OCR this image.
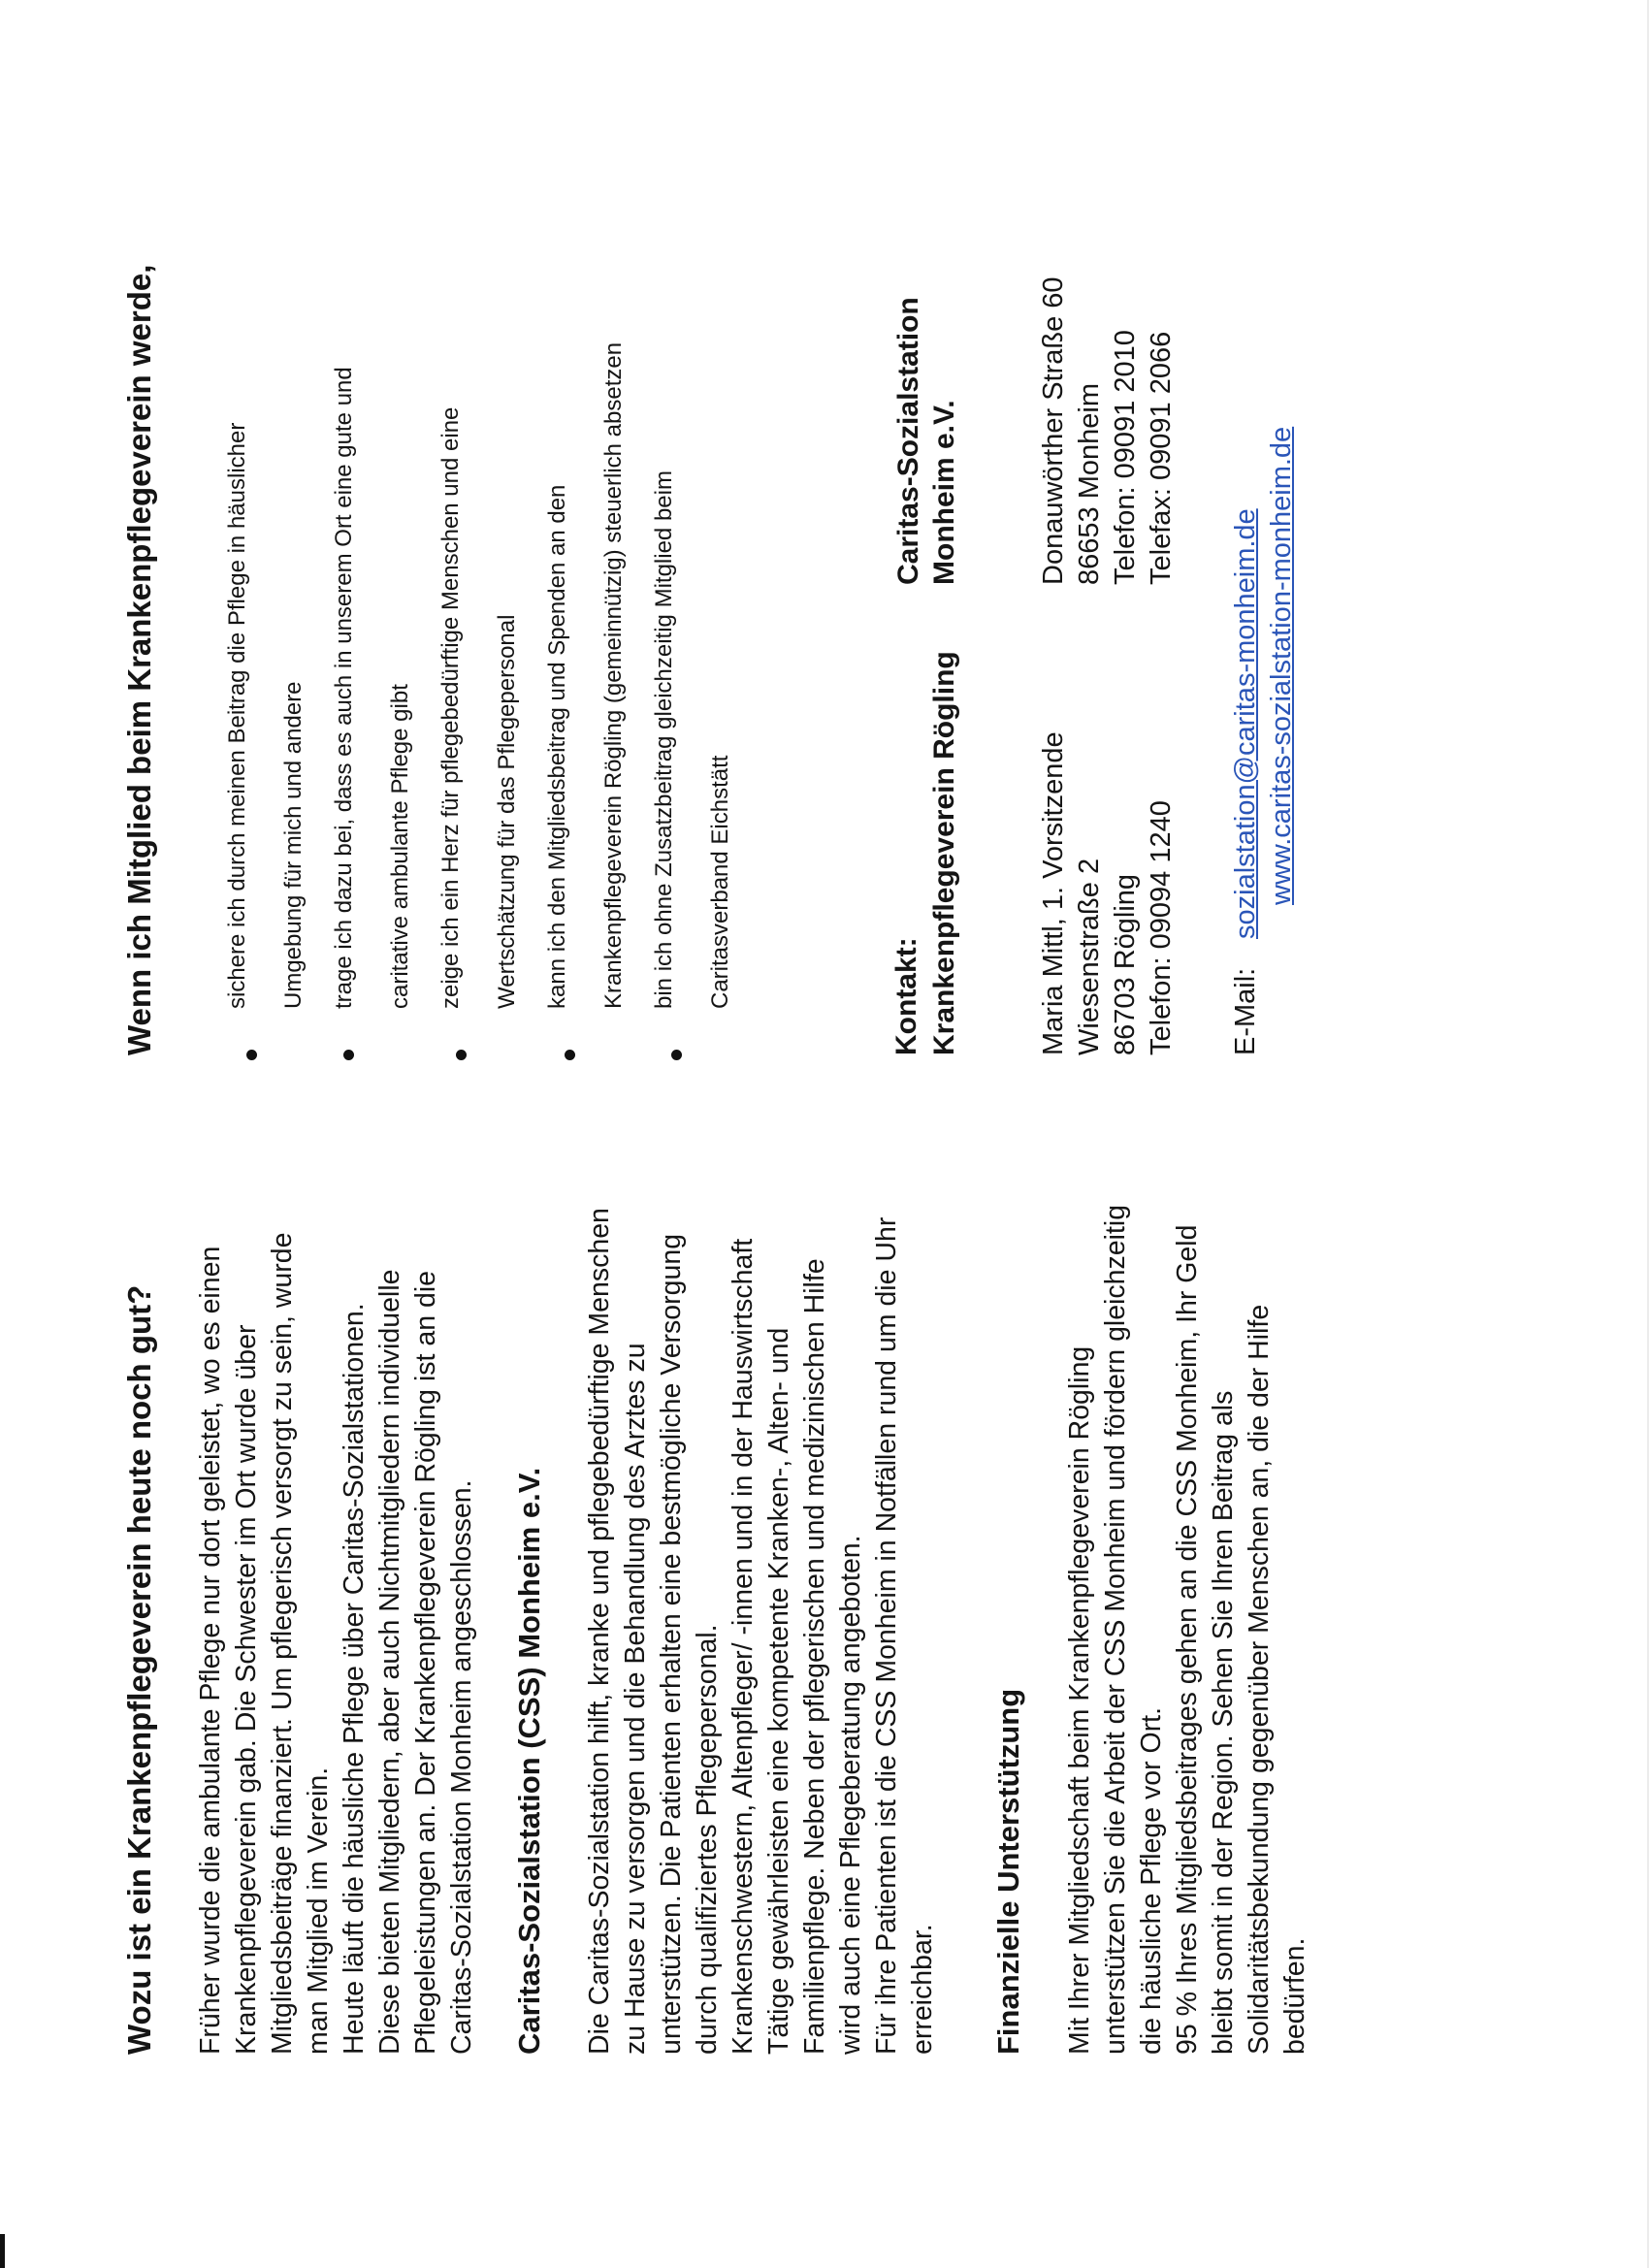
Wozu ist ein Krankenpflegeverein heute noch gut? Früher wurde die ambulante Pflege nur dort geleistet, wo es einen Krankenpflegeverein gab. Die Schwester im Ort wurde über Mitgliedsbeiträge finanziert. Um pflegerisch versorgt zu sein, wurde man Mitglied im Verein. Heute läuft die häusliche Pflege über Caritas-Sozialstationen. Diese bieten Mitgliedern, aber auch Nichtmitgliedern individuelle Pflegeleistungen an. Der Krankenpflegeverein Rögling ist an die Caritas-Sozialstation Monheim angeschlossen. Caritas-Sozialstation (CSS) Monheim e.V. Die Caritas-Sozialstation hilft, kranke und pflegebedürftige Menschen zu Hause zu versorgen und die Behandlung des Arztes zu unterstützen. Die Patienten erhalten eine bestmögliche Versorgung durch qualifiziertes Pflegepersonal. Krankenschwestern, Altenpfleger/ -innen und in der Hauswirtschaft Tätige gewährleisten eine kompetente Kranken-, Alten- und Familienpflege. Neben der pflegerischen und medizinischen Hilfe wird auch eine Pflegeberatung angeboten. Für ihre Patienten ist die CSS Monheim in Notfällen rund um die Uhr erreichbar. Finanzielle Unterstützung Mit Ihrer Mitgliedschaft beim Krankenpflegeverein Rögling unterstützen Sie die Arbeit der CSS Monheim und fördern gleichzeitig die häusliche Pflege vor Ort. 95 % Ihres Mitgliedsbeitrages gehen an die CSS Monheim, Ihr Geld bleibt somit in der Region. Sehen Sie Ihren Beitrag als Solidaritätsbekundung gegenüber Menschen an, die der Hilfe bedürfen.
Wenn ich Mitglied beim Krankenpflegeverein werde,	sichere ich durch meinen Beitrag die Pflege in häuslicher Umgebung für mich und andere trage ich dazu bei, dass es auch in unserem Ort eine gute und caritative ambulante Pflege gibt zeige ich ein Herz für pflegebedürftige Menschen und eine Wertschätzung für das Pflegepersonal kann ich den Mitgliedsbeitrag und Spenden an den Krankenpflegeverein Rögling (gemeinnützig) steuerlich absetzen bin ich ohne Zusatzbeitrag gleichzeitig Mitglied beim Caritasverband Eichstätt	Kontakt: Krankenpflegeverein Rögling

Caritas-Sozialstation Monheim e.V.

Maria Mittl, 1. Vorsitzende Wiesenstraße 2 86703 Rögling Telefon: 09094 1240

Donauwörther Straße 60 86653 Monheim Telefon: 09091 2010 Telefax: 09091 2066

E-Mail:

sozialstation@caritas-monheim.de www.caritas-sozialstation-monheim.de
